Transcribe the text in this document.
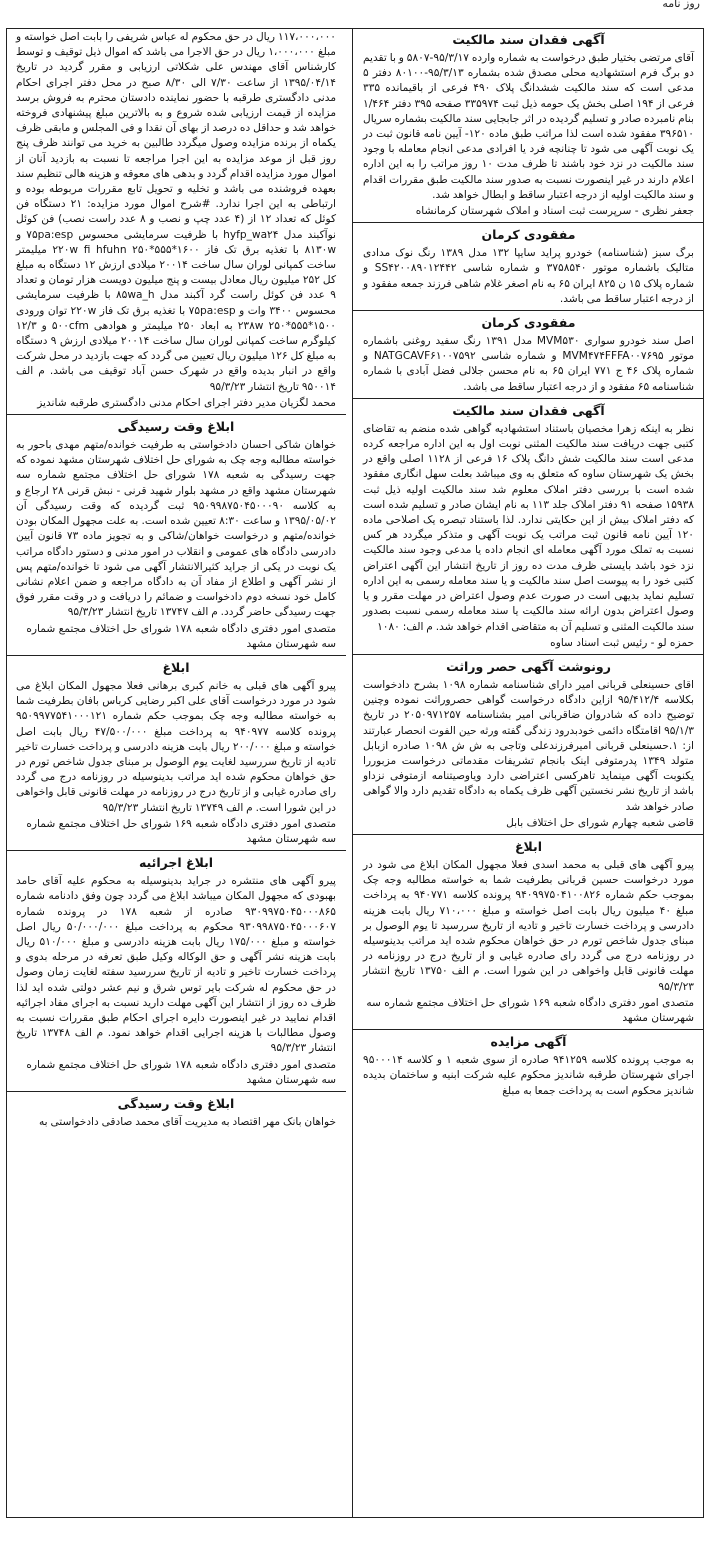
روز نامه
آگهی فقدان سند مالکیت
آقای مرتضی بختیار طبق درخواست به شماره وارده ۹۵/۳/۱۷-۵۸۰۷ و با تقدیم دو برگ فرم استشهادیه محلی مصدق شده بشماره ۹۵/۳/۱۳-۸۰۱۰۰ دفتر ۵ مدعی است که سند مالکیت ششدانگ پلاک ۴۹۰ فرعی از باقیمانده ۳۳۵ فرعی از ۱۹۴ اصلی بخش یک حومه ذیل ثبت ۳۳۵۹۷۴ صفحه ۳۹۵ دفتر ۱/۴۶۴ بنام نامبرده صادر و تسلیم گردیده در اثر جابجایی سند مالکیت بشماره سریال ۳۹۶۵۱۰ مفقود شده است لذا مراتب طبق ماده ۱۲۰- آیین نامه قانون ثبت در یک نوبت آگهی می شود تا چنانچه فرد یا افرادی مدعی انجام معامله با وجود سند مالکیت در نزد خود باشند تا ظرف مدت ۱۰ روز مراتب را به این اداره اعلام دارند در غیر اینصورت نسبت به صدور سند مالکیت طبق مقررات اقدام و سند مالکیت اولیه از درجه اعتبار ساقط و ابطال خواهد شد.
جعفر نظری - سرپرست ثبت اسناد و املاک شهرستان کرمانشاه
مفقودی کرمان
برگ سبز (شناسنامه) خودرو پراید سایپا ۱۳۲ مدل ۱۳۸۹ رنگ نوک مدادی متالیک باشماره موتور ۳۷۵۸۵۴۰ و شماره شاسی SS۴۲۰۰۸۹۰۱۲۴۴۲ و شماره پلاک ۱۵ ن ۸۲۵ ایران ۶۵ به نام اصغر غلام شاهی فرزند جمعه مفقود و از درجه اعتبار ساقط می باشد.
مفقودی کرمان
اصل سند خودرو سواری MVM۵۳۰ مدل ۱۳۹۱ رنگ سفید روغنی باشماره موتور MVM۴۷۴FFFA۰۰۷۶۹۵ و شماره شاسی NATGCAVF۶۱۰۰۷۵۹۲ و شماره پلاک ۴۶ ج ۷۷۱ ایران ۶۵ به نام محسن جلالی فضل آبادی با شماره شناسنامه ۶۵ مفقود و از درجه اعتبار ساقط می باشد.
آگهی فقدان سند مالکیت
نظر به اینکه زهرا مخصیان باستناد استشهادیه گواهی شده منضم به تقاضای کتبی جهت دریافت سند مالکیت المثنی نوبت اول به این اداره مراجعه کرده مدعی است سند مالکیت شش دانگ پلاک ۱۶ فرعی از ۱۱۲۸ اصلی واقع در بخش یک شهرستان ساوه که متعلق به وی میباشد بعلت سهل انگاری مفقود شده است با بررسی دفتر املاک معلوم شد سند مالکیت اولیه ذیل ثبت ۱۵۹۳۸ صفحه ۹۱ دفتر املاک جلد ۱۱۳ به نام ایشان صادر و تسلیم شده است که دفتر املاک بیش از این حکایتی ندارد. لذا باستناد تبصره یک اصلاحی ماده ۱۲۰ آیین نامه قانون ثبت مراتب یک نوبت آگهی و متذکر میگردد هر کس نسبت به تملک مورد آگهی معامله ای انجام داده یا مدعی وجود سند مالکیت نزد خود باشد بایستی ظرف مدت ده روز از تاریخ انتشار این آگهی اعتراض کتبی خود را به پیوست اصل سند مالکیت و یا سند معامله رسمی به این اداره تسلیم نماید بدیهی است در صورت عدم وصول اعتراض در مهلت مقرر و یا وصول اعتراض بدون ارائه سند مالکیت یا سند معامله رسمی نسبت بصدور سند مالکیت المثنی و تسلیم آن به متقاضی اقدام خواهد شد. م الف: ۱۰۸۰
حمزه لو - رئیس ثبت اسناد ساوه
رونوشت آگهی حصر وراثت
اقای حسینعلی قربانی امیر دارای شناسنامه شماره ۱۰۹۸ بشرح دادخواست بکلاسه ۹۵/۴۱۲/۴ ازاین دادگاه درخواست گواهی حصروراثت نموده وچنین توضیح داده که شادروان ضاقربانی امیر بشناسنامه ۲۰۵۰۹۷۱۲۵۷ در تاریخ ۹۵/۱/۳ اقامتگاه دائمی خودبدرود زندگی گفته ورثه حین الفوت انحصار عبارتند از: ۱.حسینعلی قربانی امیرفرزندعلی وتاجی به ش ش ۱۰۹۸ صادره ازبابل متولد ۱۳۴۹ پدرمتوفی اینک بانجام تشریفات مقدماتی درخواست مزبوررا یکنوبت آگهی مینماید تاهرکسی اعتراضی دارد ویاوصیتنامه ازمتوفی نزداو باشد از تاریخ نشر نخستین آگهی ظرف یکماه به دادگاه تقدیم دارد والا گواهی صادر خواهد شد
قاضی شعبه چهارم شورای حل اختلاف بابل
ابلاغ
پیرو آگهی های قبلی به محمد اسدی فعلا مجهول المکان ابلاغ می شود در مورد درخواست حسین قربانی بطرفیت شما به خواسته مطالبه وجه چک بموجب حکم شماره ۹۴۰۹۹۷۵۰۴۱۰۰۸۲۶ پرونده کلاسه ۹۴۰۷۷۱ به پرداخت مبلغ ۴۰ میلیون ریال بابت اصل خواسته و مبلغ ۷۱۰،۰۰۰ ریال بابت هزینه دادرسی و پرداخت خسارت تاخیر و تادیه از تاریخ سررسید تا یوم الوصول بر مبنای جدول شاخص تورم در حق خواهان محکوم شده اید مراتب بدینوسیله در روزنامه درج می گردد رای صادره غیابی و از تاریخ درج در روزنامه در مهلت قانونی قابل واخواهی در این شورا است. م الف ۱۳۷۵۰ تاریخ انتشار ۹۵/۳/۲۳
متصدی امور دفتری دادگاه شعبه ۱۶۹ شورای حل اختلاف مجتمع شماره سه شهرستان مشهد
آگهی مزایده
به موجب پرونده کلاسه ۹۴۱۲۵۹ صادره از سوی شعبه ۱ و کلاسه ۹۵۰۰۰۱۴ اجرای شهرستان طرقبه شاندیز محکوم علیه شرکت ابنیه و ساختمان بدیده شاندیز محکوم است به پرداخت جمعا به مبلغ
۱۱۷،۰۰۰،۰۰۰ ریال در حق محکوم له عباس شریفی را بابت اصل خواسته و مبلغ ۱،۰۰۰،۰۰۰ ریال در حق الاجرا می باشد که اموال ذیل توقیف و توسط کارشناس آقای مهندس علی شکلاتی ارزیابی و مقرر گردید در تاریخ ۱۳۹۵/۰۴/۱۴ از ساعت ۷/۳۰ الی ۸/۳۰ صبح در محل دفتر اجرای احکام مدنی دادگستری طرقبه با حضور نماینده دادستان محترم به فروش برسد مزایده از قیمت ارزیابی شده شروع و به بالاترین مبلغ پیشنهادی فروخته خواهد شد و حداقل ده درصد از بهای آن نقدا و فی المجلس و مابقی ظرف یکماه از برنده مزایده وصول میگردد طالبین به خرید می توانند ظرف پنج روز قبل از موعد مزایده به این اجرا مراجعه تا نسبت به بازدید آنان از اموال مورد مزایده اقدام گردد و بدهی های معوقه و هزینه هالی تنظیم سند بعهده فروشنده می باشد و تخلیه و تحویل تابع مقررات مربوطه بوده و ارتباطی به این اجرا ندارد. #شرح اموال مورد مزایده: ۲۱ دستگاه فن کوئل که تعداد ۱۲ از (۴ عدد چپ و نصب و ۸ عدد راست نصب) فن کوئل نوآکبند مدل hyfp_wa۲۴ با ظرفیت سرمایشی محسوس ۷۵pa:esp و ۸۱۳۰w با تغذیه برق تک فاز ۲۲۰w fi hfuhn ۲۵۰*۵۵۵*۱۶۰۰ میلیمتر ساخت کمپانی لوران سال ساخت ۲۰۰۱۴ میلادی ارزش ۱۲ دستگاه به مبلغ کل ۲۵۲ میلیون ریال معادل بیست و پنج میلیون دویست هزار تومان و تعداد ۹ عدد فن کوئل راست گرد آکبند مدل ۸۵wa_h با ظرفیت سرمایشی محسوس ۳۴۰۰ وات و ۷۵pa:esp با تغذیه برق تک فاز ۲۲۰w توان ورودی ۲۳۸w ۲۵۰*۵۵۵*۱۵۰۰ به ابعاد ۲۵۰ میلیمتر و هوادهی ۵۰۰cfm و ۱۲/۳ کیلوگرم ساخت کمپانی لوران سال ساخت ۲۰۰۱۴ میلادی ارزش ۹ دستگاه به مبلغ کل ۱۲۶ میلیون ریال تعیین می گردد که جهت بازدید در محل شرکت واقع در انبار بدیده واقع در شهرک حسن آباد توقیف می باشد. م الف ۹۵۰۰۱۴ تاریخ انتشار ۹۵/۳/۲۳
محمد لگزیان مدیر دفتر اجرای احکام مدنی دادگستری طرقبه شاندیز
ابلاغ وقت رسیدگی
خواهان شاکی احسان دادخواستی به طرفیت خوانده/متهم مهدی باحور به خواسته مطالبه وجه چک به شورای حل اختلاف شهرستان مشهد نموده که جهت رسیدگی به شعبه ۱۷۸ شورای حل اختلاف مجتمع شماره سه شهرستان مشهد واقع در مشهد بلوار شهید قرنی - نبش قرنی ۲۸ ارجاع و به کلاسه ۹۵۰۹۹۸۷۵۰۴۵۰۰۰۹۰ ثبت گردیده که وقت رسیدگی آن ۱۳۹۵/۰۵/۰۲ و ساعت ۸:۳۰ تعیین شده است. به علت مجهول المکان بودن خوانده/متهم و درخواست خواهان/شاکی و به تجویز ماده ۷۳ قانون آیین دادرسی دادگاه های عمومی و انقلاب در امور مدنی و دستور دادگاه مراتب یک نوبت در یکی از جراید کثیرالانتشار آگهی می شود تا خوانده/متهم پس از نشر آگهی و اطلاع از مفاد آن به دادگاه مراجعه و ضمن اعلام نشانی کامل خود نسخه دوم دادخواست و ضمائم را دریافت و در وقت مقرر فوق جهت رسیدگی حاضر گردد. م الف ۱۳۷۴۷ تاریخ انتشار ۹۵/۳/۲۳
متصدی امور دفتری دادگاه شعبه ۱۷۸ شورای حل اختلاف مجتمع شماره سه شهرستان مشهد
ابلاغ
پیرو آگهی های قبلی به خانم کبری برهانی فعلا مجهول المکان ابلاغ می شود در مورد درخواست آقای علی اکبر رضایی کرباس بافان بطرفیت شما به خواسته مطالبه وجه چک بموجب حکم شماره ۹۵۰۹۹۷۷۵۴۱۰۰۰۱۲۱ پرونده کلاسه ۹۴۰۹۷۷ به پرداخت مبلغ ۴۷/۵۰۰/۰۰۰ ریال بابت اصل خواسته و مبلغ ۲۰۰/۰۰۰ ریال بابت هزینه دادرسی و پرداخت خسارت تاخیر تادیه از تاریخ سررسید لغایت یوم الوصول بر مبنای جدول شاخص تورم در حق خواهان محکوم شده اید مراتب بدینوسیله در روزنامه درج می گردد رای صادره غیابی و از تاریخ درج در روزنامه در مهلت قانونی قابل واخواهی در این شورا است. م الف ۱۳۷۴۹ تاریخ انتشار ۹۵/۳/۲۳
متصدی امور دفتری دادگاه شعبه ۱۶۹ شورای حل اختلاف مجتمع شماره سه شهرستان مشهد
ابلاغ اجرائیه
پیرو آگهی های منتشره در جراید بدینوسیله به محکوم علیه آقای حامد بهبودی که مجهول المکان میباشد ابلاغ می گردد چون وفق دادنامه شماره ۹۳۰۹۹۷۵۰۴۵۰۰۰۸۶۵ صادره از شعبه ۱۷۸ در پرونده شماره ۹۳۰۹۹۸۷۵۰۴۵۰۰۰۶۰۷ محکوم به پرداخت مبلغ ۵۰/۰۰۰/۰۰۰ ریال اصل خواسته و مبلغ ۱۷۵/۰۰۰ ریال بابت هزینه دادرسی و مبلغ ۵۱۰/۰۰۰ ریال بابت هزینه نشر آگهی و حق الوکاله وکیل طبق تعرفه در مرحله بدوی و پرداخت خسارت تاخیر و تادیه از تاریخ سررسید سفته لغایت زمان وصول در حق محکوم له شرکت بایر توس شرق و نیم عشر دولتی شده اید لذا ظرف ده روز از انتشار این آگهی مهلت دارید نسبت به اجرای مفاد اجرائیه اقدام نمایید در غیر اینصورت دایره اجرای احکام طبق مقررات نسبت به وصول مطالبات با هزینه اجرایی اقدام خواهد نمود. م الف ۱۳۷۴۸ تاریخ انتشار ۹۵/۳/۲۳
متصدی امور دفتری دادگاه شعبه ۱۷۸ شورای حل اختلاف مجتمع شماره سه شهرستان مشهد
ابلاغ وقت رسیدگی
خواهان بانک مهر اقتصاد به مدیریت آقای محمد صادقی دادخواستی به
